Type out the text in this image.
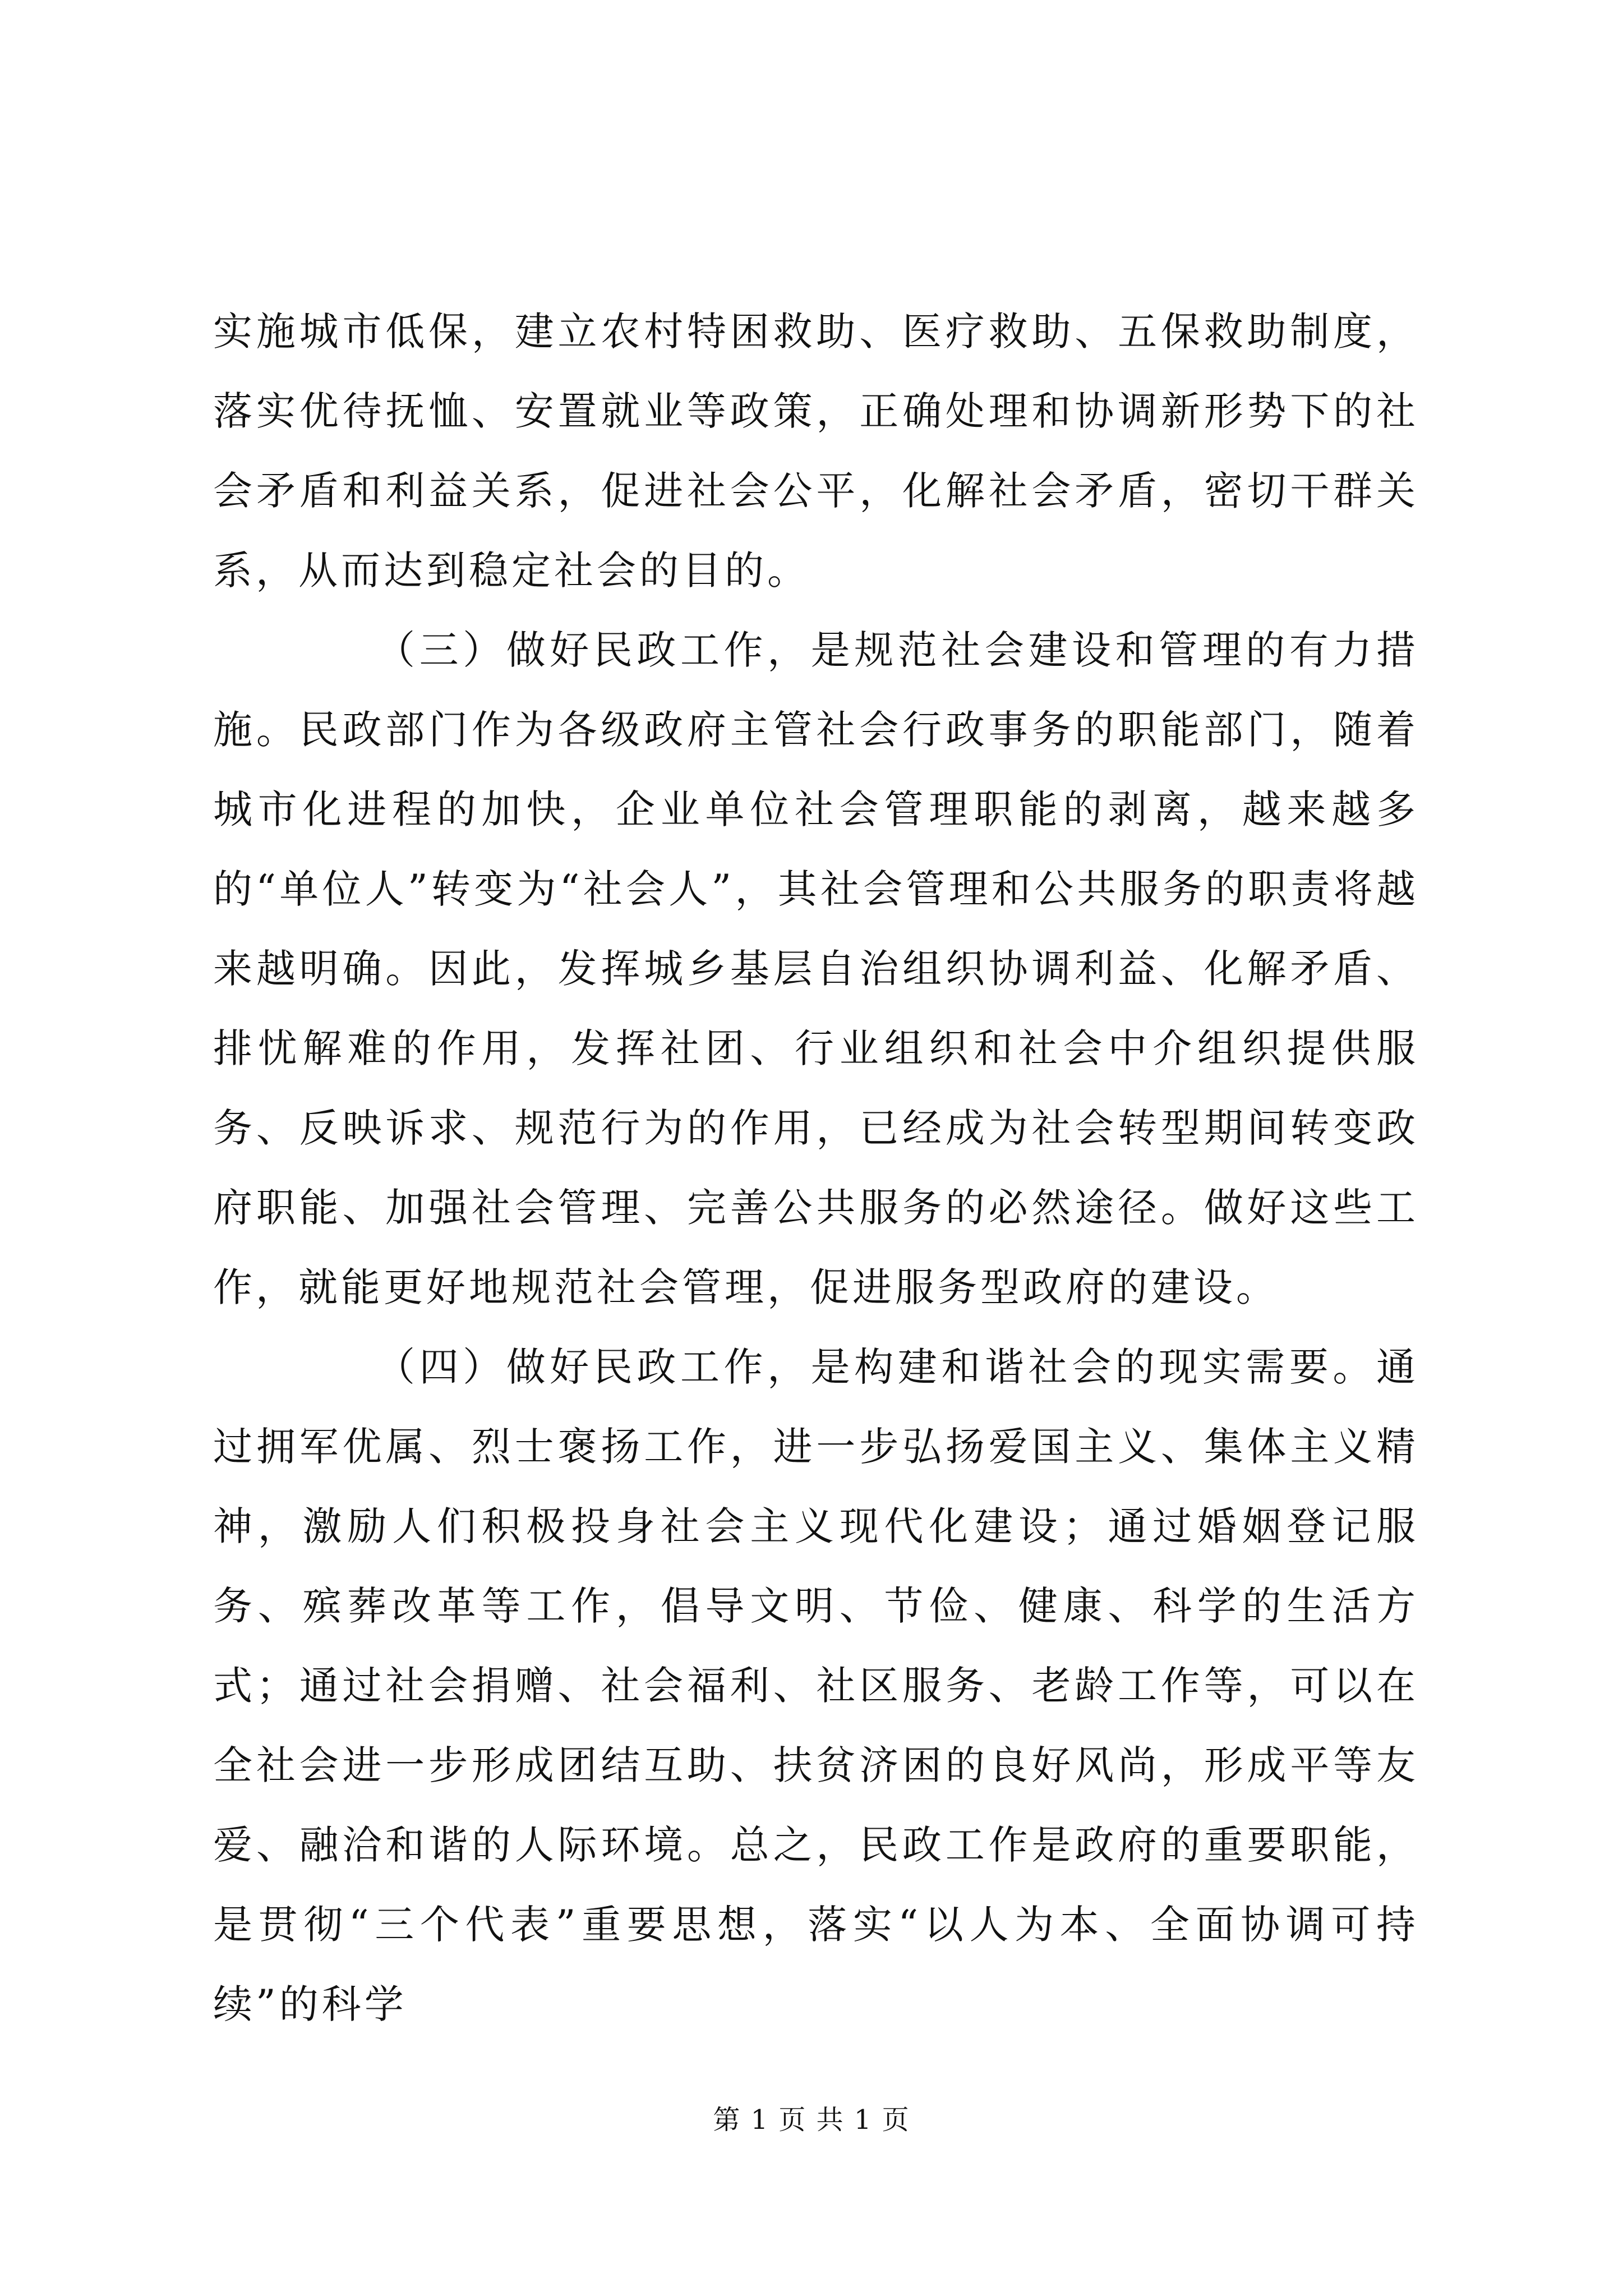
实施城市低保，建立农村特困救助、医疗救助、五保救助制度，落实优待抚恤、安置就业等政策，正确处理和协调新形势下的社会矛盾和利益关系，促进社会公平，化解社会矛盾，密切干群关系，从而达到稳定社会的目的。

（三）做好民政工作，是规范社会建设和管理的有力措施。民政部门作为各级政府主管社会行政事务的职能部门，随着城市化进程的加快，企业单位社会管理职能的剥离，越来越多的“单位人”转变为“社会人”，其社会管理和公共服务的职责将越来越明确。因此，发挥城乡基层自治组织协调利益、化解矛盾、排忧解难的作用，发挥社团、行业组织和社会中介组织提供服务、反映诉求、规范行为的作用，已经成为社会转型期间转变政府职能、加强社会管理、完善公共服务的必然途径。做好这些工作，就能更好地规范社会管理，促进服务型政府的建设。

（四）做好民政工作，是构建和谐社会的现实需要。通过拥军优属、烈士褒扬工作，进一步弘扬爱国主义、集体主义精神，激励人们积极投身社会主义现代化建设；通过婚姻登记服务、殡葬改革等工作，倡导文明、节俭、健康、科学的生活方式；通过社会捐赠、社会福利、社区服务、老龄工作等，可以在全社会进一步形成团结互助、扶贫济困的良好风尚，形成平等友爱、融洽和谐的人际环境。总之，民政工作是政府的重要职能，是贯彻“三个代表”重要思想，落实“以人为本、全面协调可持续”的科学

第 1 页 共 1 页
